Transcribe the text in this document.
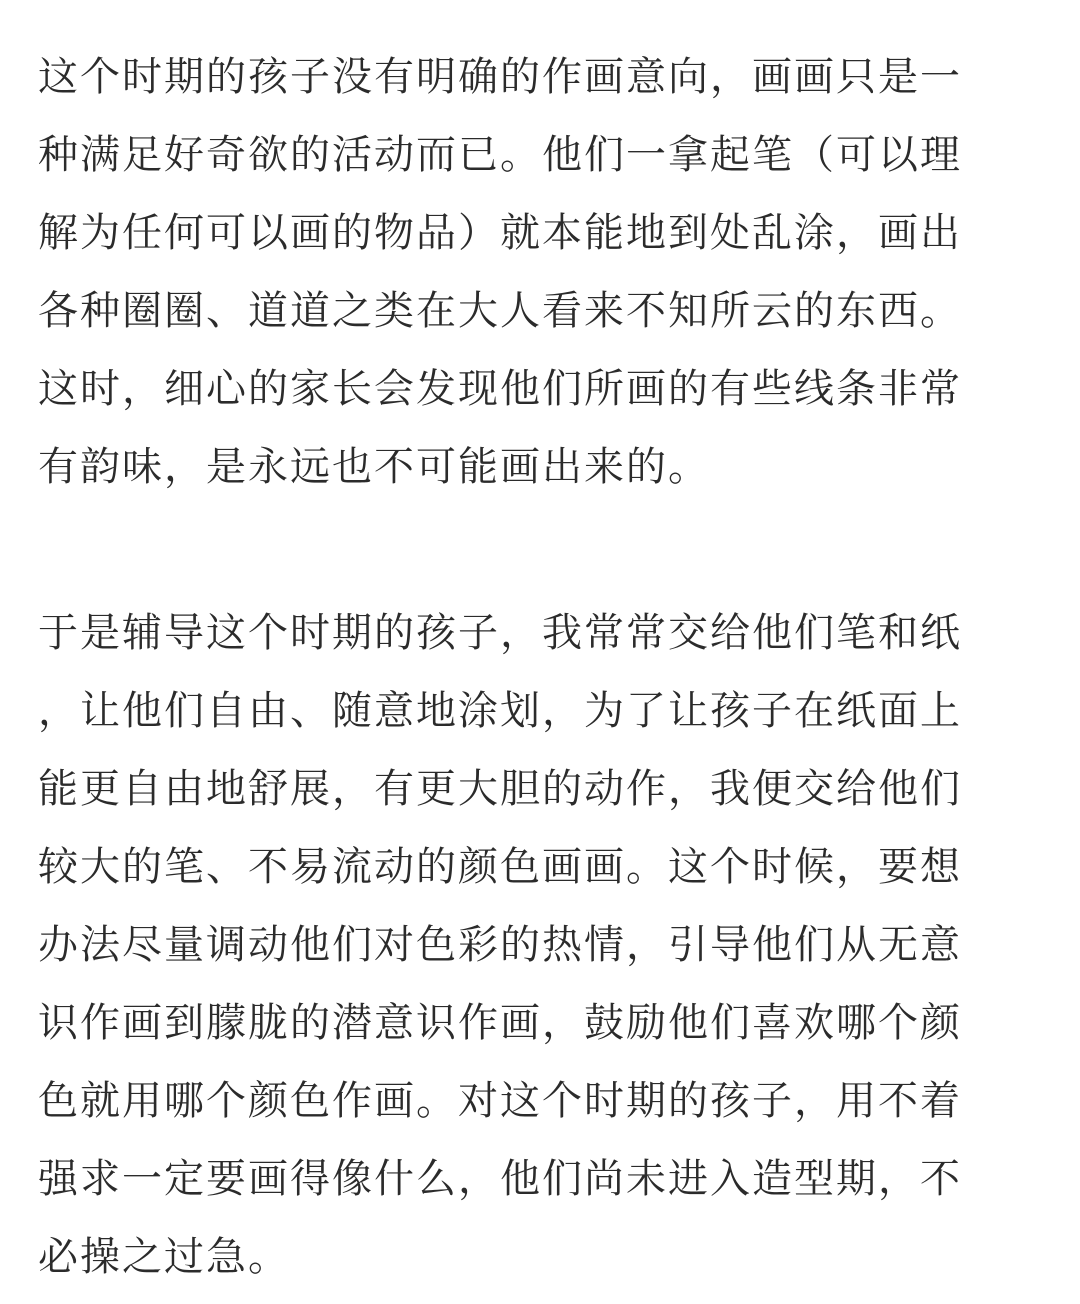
这个时期的孩子没有明确的作画意向，画画只是一
种满足好奇欲的活动而已。他们一拿起笔（可以理
解为任何可以画的物品）就本能地到处乱涂，画出
各种圈圈、道道之类在大人看来不知所云的东西。
这时，细心的家长会发现他们所画的有些线条非常
有韵味，是永远也不可能画出来的。
于是辅导这个时期的孩子，我常常交给他们笔和纸
，让他们自由、随意地涂划，为了让孩子在纸面上
能更自由地舒展，有更大胆的动作，我便交给他们
较大的笔、不易流动的颜色画画。这个时候，要想
办法尽量调动他们对色彩的热情，引导他们从无意
识作画到朦胧的潜意识作画，鼓励他们喜欢哪个颜
色就用哪个颜色作画。对这个时期的孩子，用不着
强求一定要画得像什么，他们尚未进入造型期，不
必操之过急。
